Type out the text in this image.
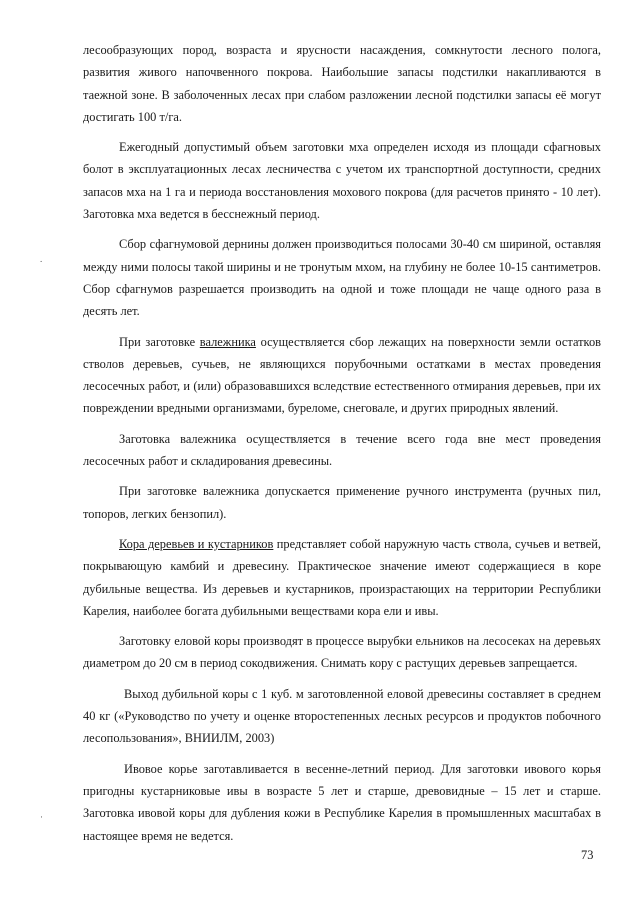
лесообразующих пород, возраста и ярусности насаждения, сомкнутости лесного полога, развития живого напочвенного покрова. Наибольшие запасы подстилки накапливаются в таежной зоне. В заболоченных лесах при слабом разложении лесной подстилки запасы её могут достигать 100 т/га.

Ежегодный допустимый объем заготовки мха определен исходя из площади сфагновых болот в эксплуатационных лесах лесничества с учетом их транспортной доступности, средних запасов мха на 1 га и периода восстановления мохового покрова (для расчетов принято - 10 лет). Заготовка мха ведется в бесснежный период.

Сбор сфагнумовой дернины должен производиться полосами 30-40 см шириной, оставляя между ними полосы такой ширины и не тронутым мхом, на глубину не более 10-15 сантиметров. Сбор сфагнумов разрешается производить на одной и тоже площади не чаще одного раза в десять лет.

При заготовке валежника осуществляется сбор лежащих на поверхности земли остатков стволов деревьев, сучьев, не являющихся порубочными остатками в местах проведения лесосечных работ, и (или) образовавшихся вследствие естественного отмирания деревьев, при их повреждении вредными организмами, буреломе, снеговале, и других природных явлений.

Заготовка валежника осуществляется в течение всего года вне мест проведения лесосечных работ и складирования древесины.

При заготовке валежника допускается применение ручного инструмента (ручных пил, топоров, легких бензопил).

Кора деревьев и кустарников представляет собой наружную часть ствола, сучьев и ветвей, покрывающую камбий и древесину. Практическое значение имеют содержащиеся в коре дубильные вещества. Из деревьев и кустарников, произрастающих на территории Республики Карелия, наиболее богата дубильными веществами кора ели и ивы.

Заготовку еловой коры производят в процессе вырубки ельников на лесосеках на деревьях диаметром до 20 см в период сокодвижения. Снимать кору с растущих деревьев запрещается.

Выход дубильной коры с 1 куб. м заготовленной еловой древесины составляет в среднем 40 кг («Руководство по учету и оценке второстепенных лесных ресурсов и продуктов побочного лесопользования», ВНИИЛМ, 2003)

Ивовое корье заготавливается в весенне-летний период. Для заготовки ивового корья пригодны кустарниковые ивы в возрасте 5 лет и старше, древовидные – 15 лет и старше. Заготовка ивовой коры для дубления кожи в Республике Карелия в промышленных масштабах в настоящее время не ведется.

73
.
·
